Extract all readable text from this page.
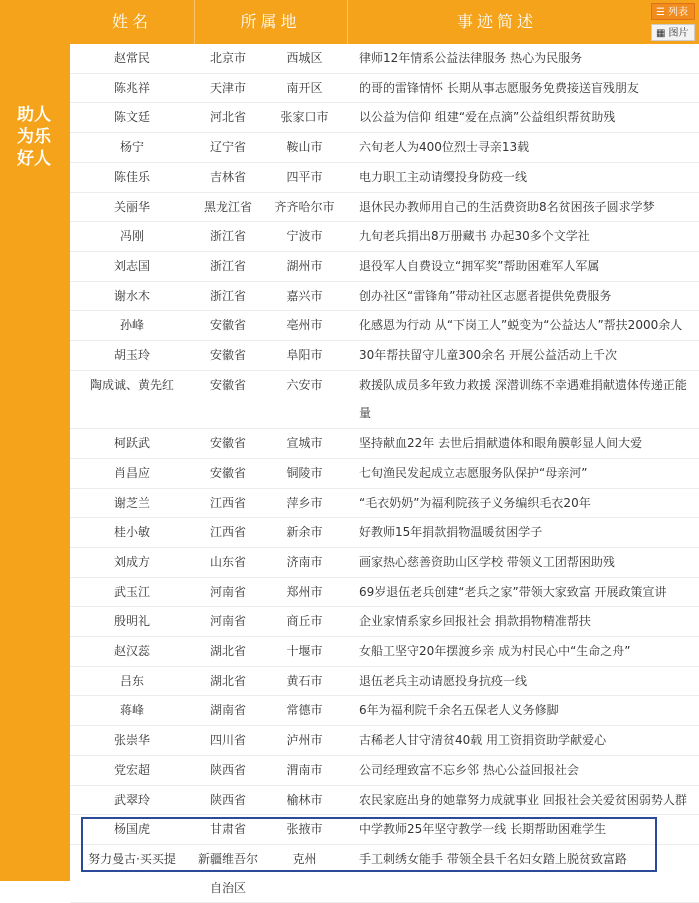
姓名	所属地	事迹简述
助人为乐好人
☰ 列表
▦ 图片
赵常民	北京市	西城区	律师12年情系公益法律服务 热心为民服务
陈兆祥	天津市	南开区	的哥的雷锋情怀 长期从事志愿服务免费接送盲残朋友
陈文廷	河北省	张家口市	以公益为信仰 组建“爱在点滴”公益组织帮贫助残
杨宁	辽宁省	鞍山市	六旬老人为400位烈士寻亲13载
陈佳乐	吉林省	四平市	电力职工主动请缨投身防疫一线
关丽华	黑龙江省	齐齐哈尔市	退休民办教师用自己的生活费资助8名贫困孩子圆求学梦
冯刚	浙江省	宁波市	九旬老兵捐出8万册藏书 办起30多个文学社
刘志国	浙江省	湖州市	退役军人自费设立“拥军奖”帮助困难军人军属
谢水木	浙江省	嘉兴市	创办社区“雷锋角”带动社区志愿者提供免费服务
孙峰	安徽省	亳州市	化感恩为行动 从“下岗工人”蜕变为“公益达人”帮扶2000余人
胡玉玲	安徽省	阜阳市	30年帮扶留守儿童300余名 开展公益活动上千次
陶成诚、黄先红	安徽省	六安市	救援队成员多年致力救援 深潜训练不幸遇难捐献遗体传递正能量
柯跃武	安徽省	宣城市	坚持献血22年 去世后捐献遗体和眼角膜彰显人间大爱
肖昌应	安徽省	铜陵市	七旬渔民发起成立志愿服务队保护“母亲河”
谢芝兰	江西省	萍乡市	“毛衣奶奶”为福利院孩子义务编织毛衣20年
桂小敏	江西省	新余市	好教师15年捐款捐物温暖贫困学子
刘成方	山东省	济南市	画家热心慈善资助山区学校 带领义工团帮困助残
武玉江	河南省	郑州市	69岁退伍老兵创建“老兵之家”带领大家致富 开展政策宣讲
殷明礼	河南省	商丘市	企业家情系家乡回报社会 捐款捐物精准帮扶
赵汉蕊	湖北省	十堰市	女船工坚守20年摆渡乡亲 成为村民心中“生命之舟”
吕东	湖北省	黄石市	退伍老兵主动请愿投身抗疫一线
蒋峰	湖南省	常德市	6年为福利院千余名五保老人义务修脚
张崇华	四川省	泸州市	古稀老人甘守清贫40载 用工资捐资助学献爱心
党宏超	陕西省	渭南市	公司经理致富不忘乡邻 热心公益回报社会
武翠玲	陕西省	榆林市	农民家庭出身的她靠努力成就事业 回报社会关爱贫困弱势人群
杨国虎	甘肃省	张掖市	中学教师25年坚守教学一线 长期帮助困难学生
努力曼古·买买提	新疆维吾尔自治区	克州	手工刺绣女能手 带领全县千名妇女踏上脱贫致富路
